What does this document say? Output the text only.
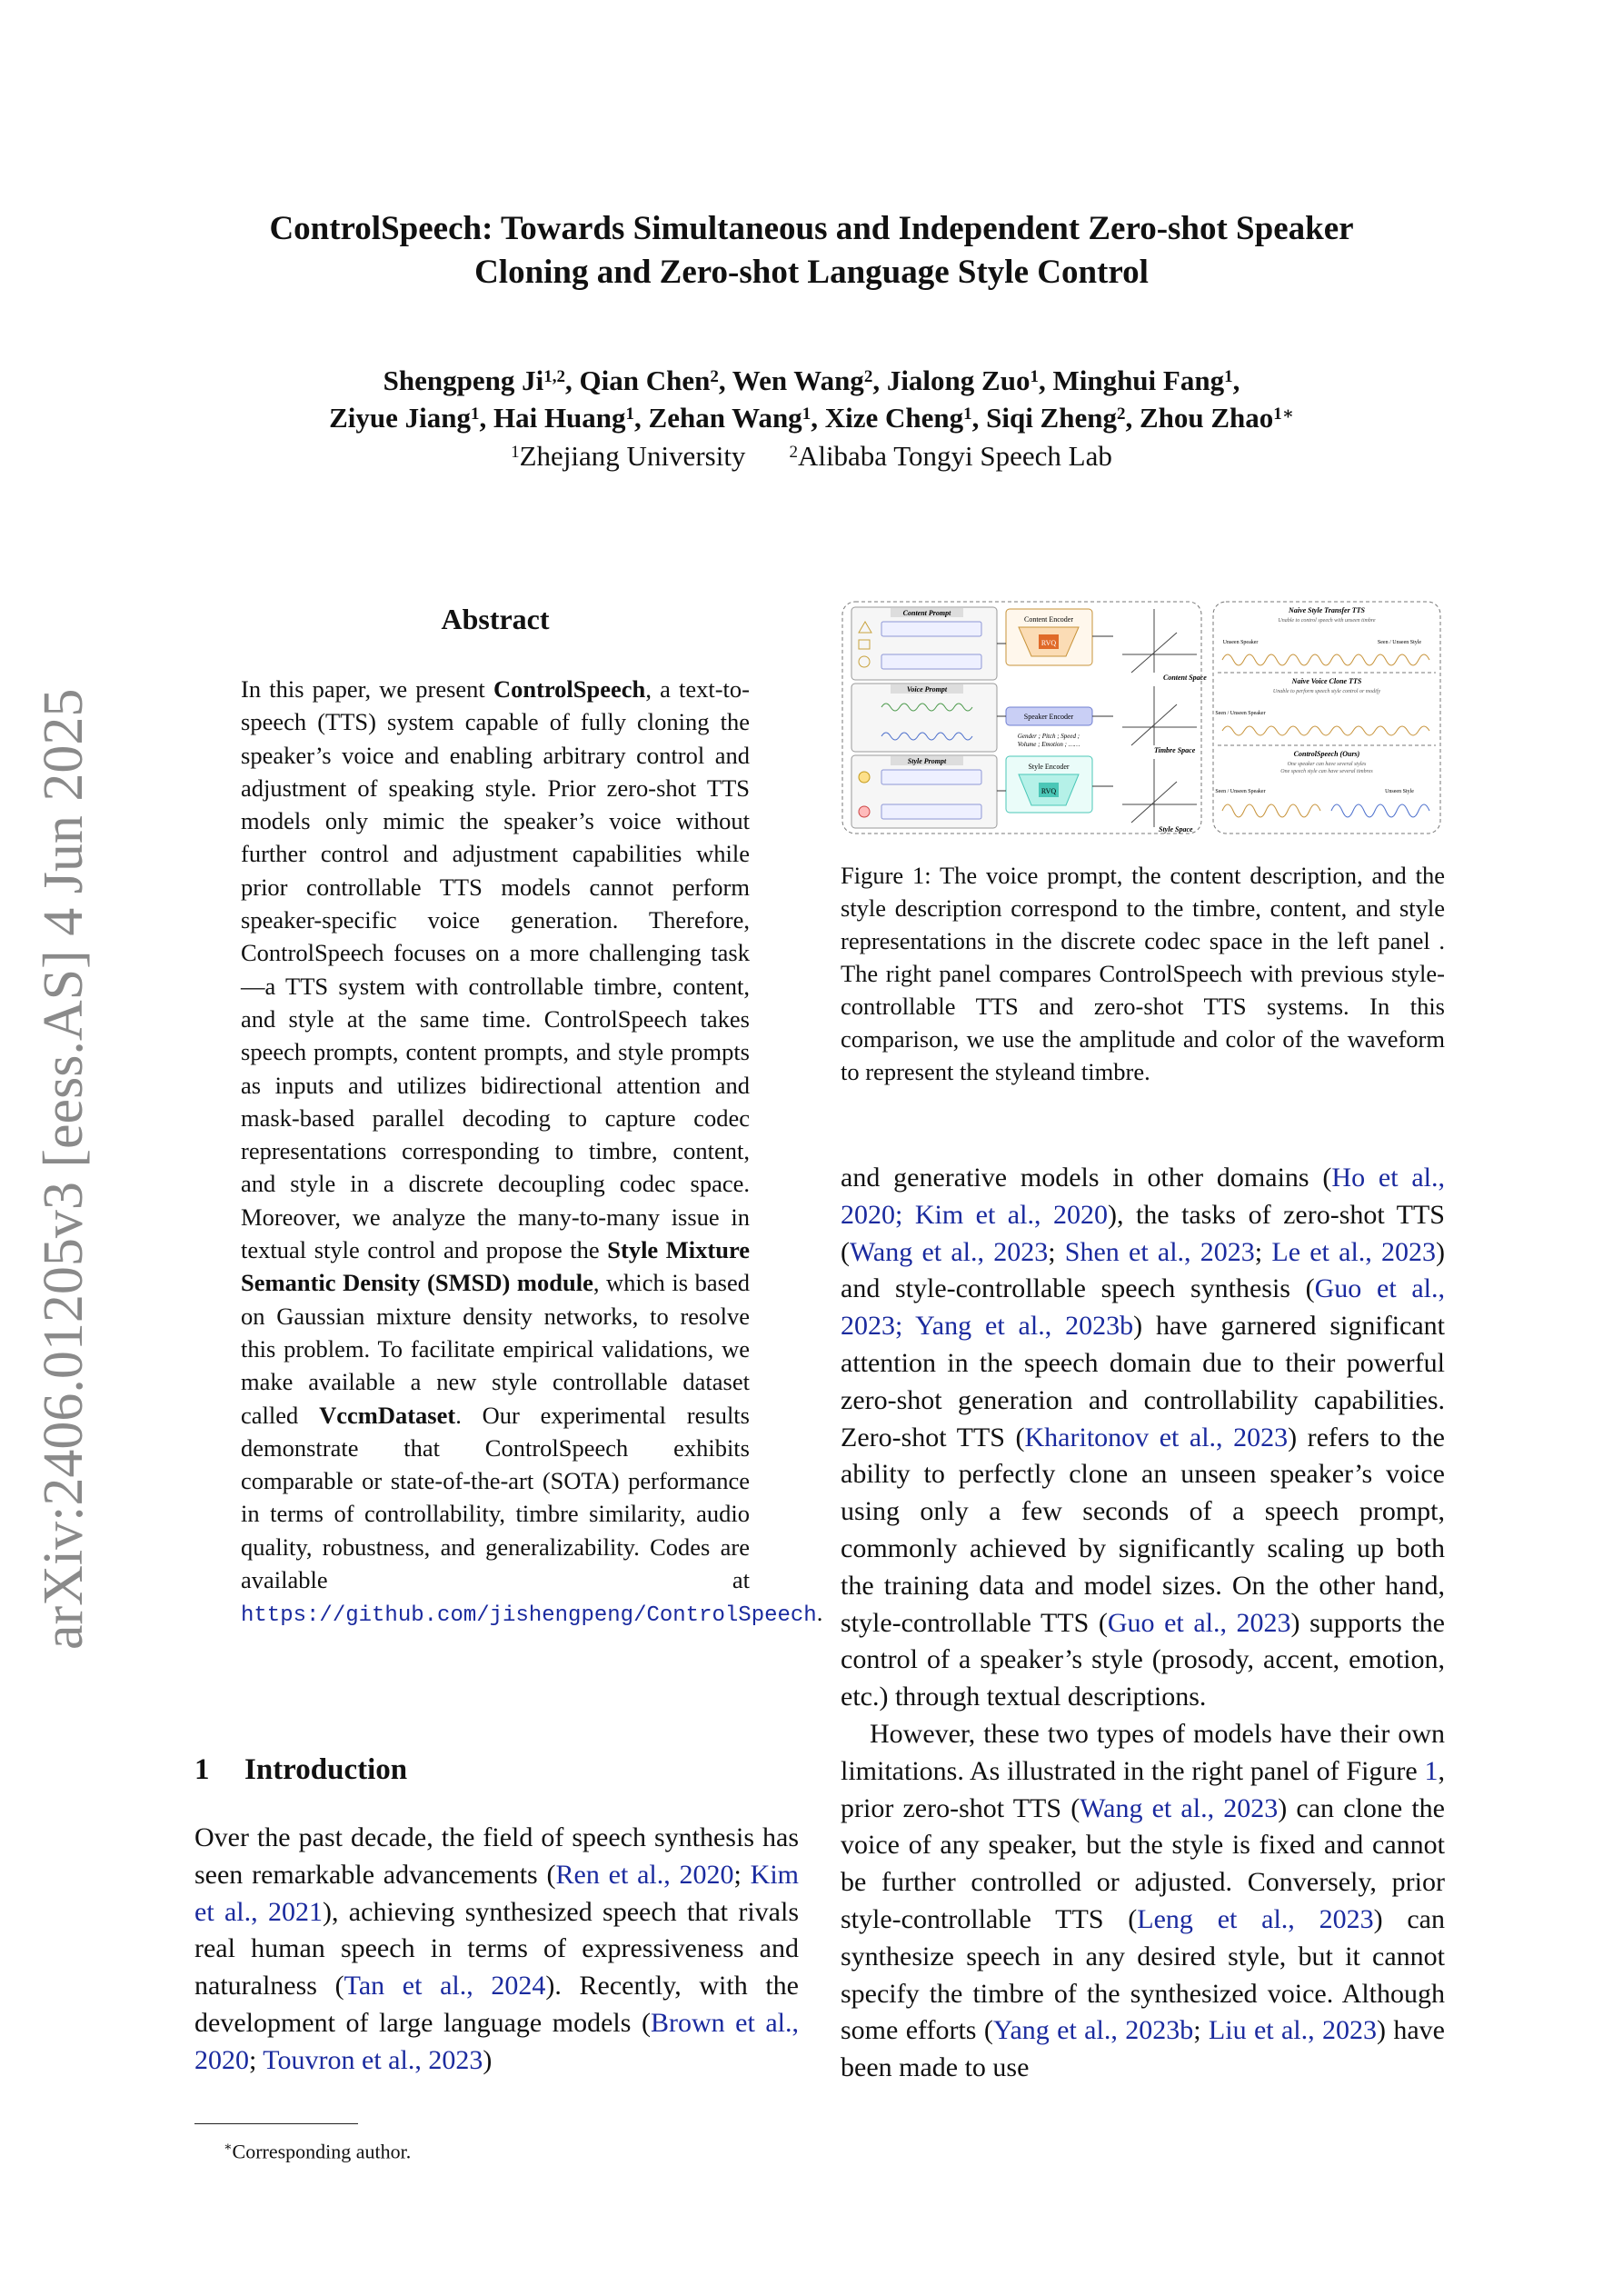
arXiv:2406.01205v3 [eess.AS] 4 Jun 2025
ControlSpeech: Towards Simultaneous and Independent Zero-shot Speaker
Cloning and Zero-shot Language Style Control
Shengpeng Ji$^{1,2}$, Qian Chen$^2$, Wen Wang$^2$, Jialong Zuo$^1$, Minghui Fang$^1$,
Ziyue Jiang$^1$, Hai Huang$^1$, Zehan Wang$^1$, Xize Cheng$^1$, Siqi Zheng$^2$, Zhou Zhao$^{1∗}$
$^1$Zhejiang University	$^2$Alibaba Tongyi Speech Lab
Abstract
In this paper, we present ControlSpeech, a text-to-speech (TTS) system capable of fully cloning the speaker’s voice and enabling arbitrary control and adjustment of speaking style. Prior zero-shot TTS models only mimic the speaker’s voice without further control and adjustment capabilities while prior controllable TTS models cannot perform speaker-specific voice generation. Therefore, ControlSpeech focuses on a more challenging task—a TTS system with controllable timbre, content, and style at the same time. ControlSpeech takes speech prompts, content prompts, and style prompts as inputs and utilizes bidirectional attention and mask-based parallel decoding to capture codec representations corresponding to timbre, content, and style in a discrete decoupling codec space. Moreover, we analyze the many-to-many issue in textual style control and propose the Style Mixture Semantic Density (SMSD) module, which is based on Gaussian mixture density networks, to resolve this problem. To facilitate empirical validations, we make available a new style controllable dataset called VccmDataset. Our experimental results demonstrate that ControlSpeech exhibits comparable or state-of-the-art (SOTA) performance in terms of controllability, timbre similarity, audio quality, robustness, and generalizability. Codes are available at https://github.com/jishengpeng/ControlSpeech.
Content Prompt
Voice Prompt
Style Prompt
Content Encoder
RVQ
Speaker Encoder
Gender ; Pitch ; Speed ;
Volume ; Emotion ; ……
Style Encoder
RVQ
Content Space
Timbre Space
Style Space
Naive Style Transfer TTS
Unable to control speech with unseen timbre
Unseen Speaker	Seen / Unseen Style
Naive Voice Clone TTS
Unable to perform speech style control or modify
Seen / Unseen Speaker
ControlSpeech (Ours)
One speaker can have several styles
One speech style can have several timbres
Seen / Unseen Speaker	Unseen Style
Figure 1: The voice prompt, the content description, and the style description correspond to the timbre, content, and style representations in the discrete codec space in the left panel . The right panel compares ControlSpeech with previous style-controllable TTS and zero-shot TTS systems. In this comparison, we use the amplitude and color of the waveform to represent the styleand timbre.
1 Introduction

Over the past decade, the field of speech synthesis has seen remarkable advancements (Ren et al., 2020; Kim et al., 2021), achieving synthesized speech that rivals real human speech in terms of expressiveness and naturalness (Tan et al., 2024). Recently, with the development of large language models (Brown et al., 2020; Touvron et al., 2023)

and generative models in other domains (Ho et al., 2020; Kim et al., 2020), the tasks of zero-shot TTS (Wang et al., 2023; Shen et al., 2023; Le et al., 2023) and style-controllable speech synthesis (Guo et al., 2023; Yang et al., 2023b) have garnered significant attention in the speech domain due to their powerful zero-shot generation and controllability capabilities. Zero-shot TTS (Kharitonov et al., 2023) refers to the ability to perfectly clone an unseen speaker’s voice using only a few seconds of a speech prompt, commonly achieved by significantly scaling up both the training data and model sizes. On the other hand, style-controllable TTS (Guo et al., 2023) supports the control of a speaker’s style (prosody, accent, emotion, etc.) through textual descriptions.

However, these two types of models have their own limitations. As illustrated in the right panel of Figure 1, prior zero-shot TTS (Wang et al., 2023) can clone the voice of any speaker, but the style is fixed and cannot be further controlled or adjusted. Conversely, prior style-controllable TTS (Leng et al., 2023) can synthesize speech in any desired style, but it cannot specify the timbre of the synthesized voice. Although some efforts (Yang et al., 2023b; Liu et al., 2023) have been made to use

∗Corresponding author.
